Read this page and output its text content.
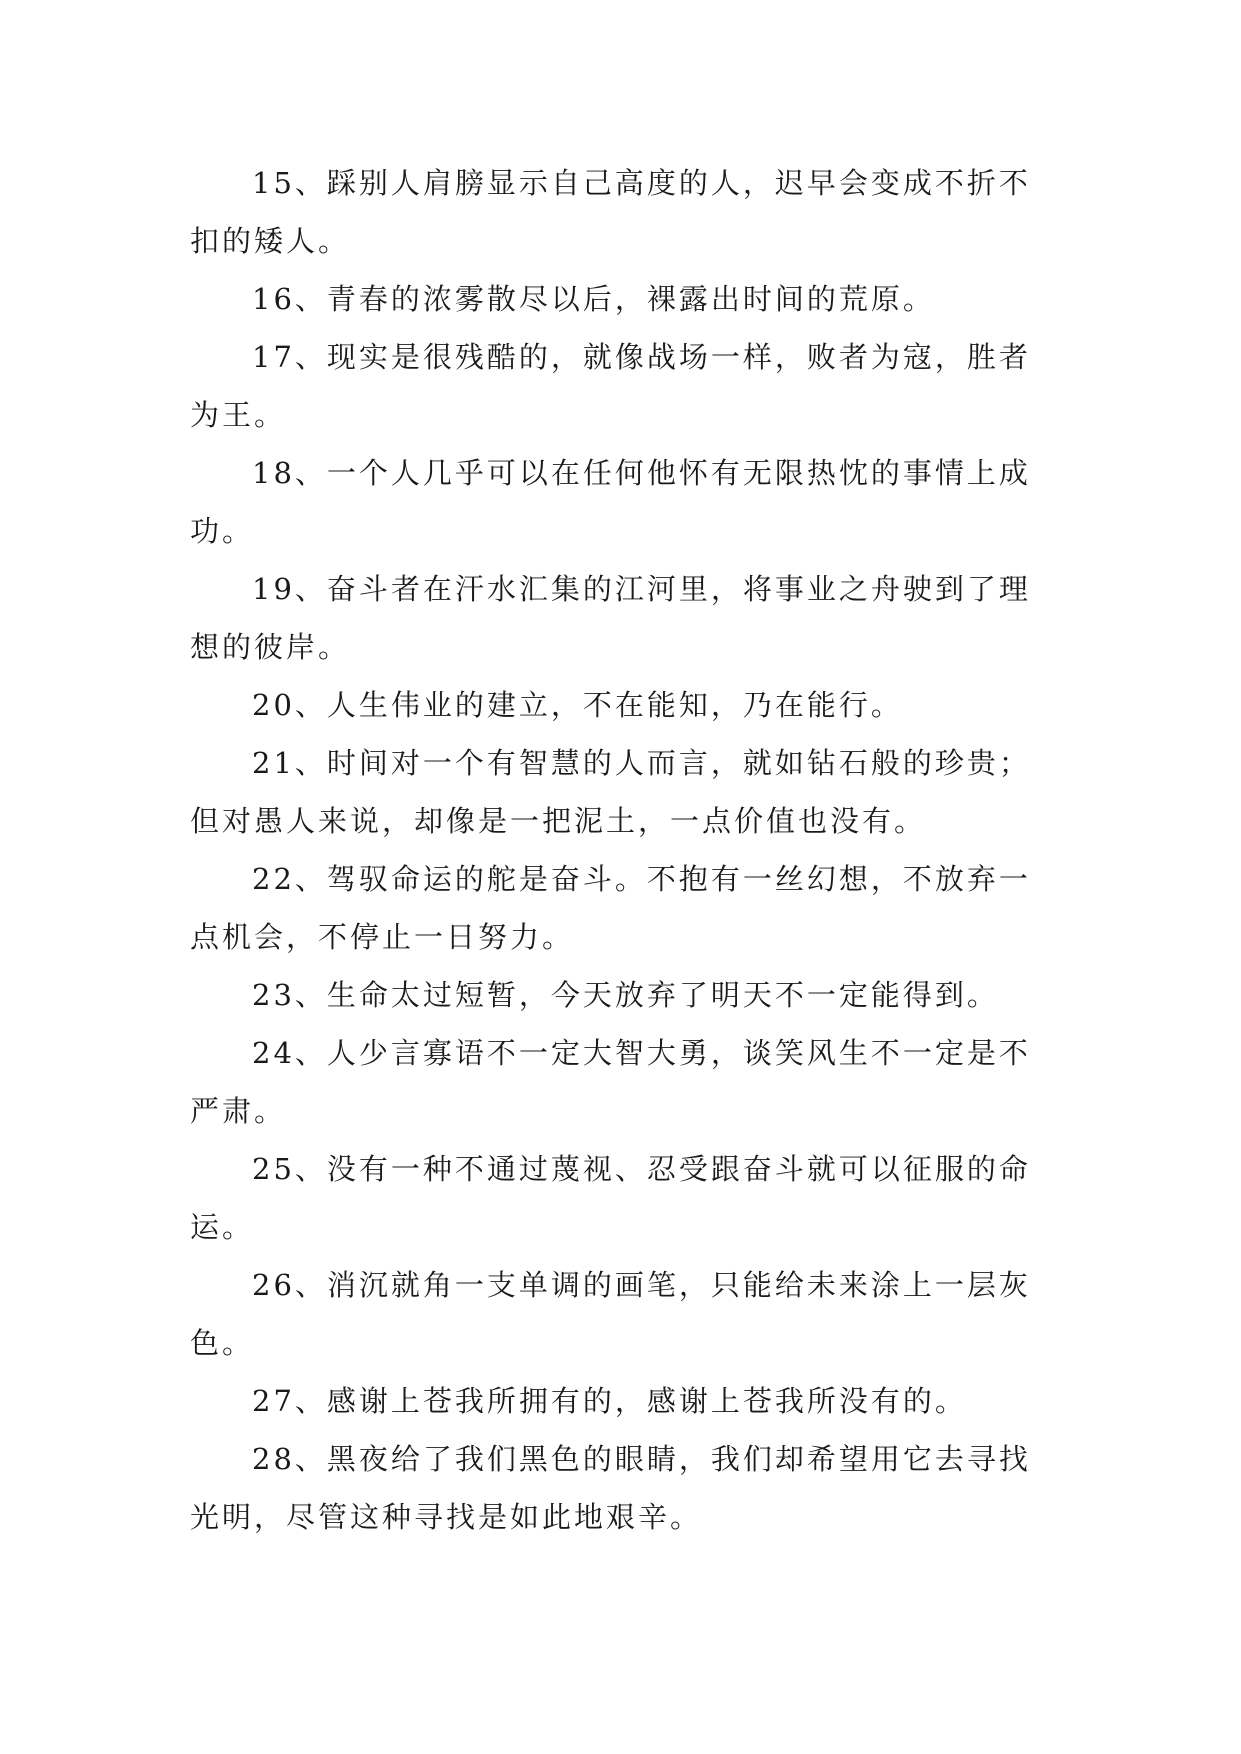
15、踩别人肩膀显示自己高度的人，迟早会变成不折不扣的矮人。

16、青春的浓雾散尽以后，裸露出时间的荒原。

17、现实是很残酷的，就像战场一样，败者为寇，胜者为王。

18、一个人几乎可以在任何他怀有无限热忱的事情上成功。

19、奋斗者在汗水汇集的江河里，将事业之舟驶到了理想的彼岸。

20、人生伟业的建立，不在能知，乃在能行。

21、时间对一个有智慧的人而言，就如钻石般的珍贵；但对愚人来说，却像是一把泥土，一点价值也没有。

22、驾驭命运的舵是奋斗。不抱有一丝幻想，不放弃一点机会，不停止一日努力。

23、生命太过短暂，今天放弃了明天不一定能得到。

24、人少言寡语不一定大智大勇，谈笑风生不一定是不严肃。

25、没有一种不通过蔑视、忍受跟奋斗就可以征服的命运。

26、消沉就角一支单调的画笔，只能给未来涂上一层灰色。

27、感谢上苍我所拥有的，感谢上苍我所没有的。

28、黑夜给了我们黑色的眼睛，我们却希望用它去寻找光明，尽管这种寻找是如此地艰辛。
